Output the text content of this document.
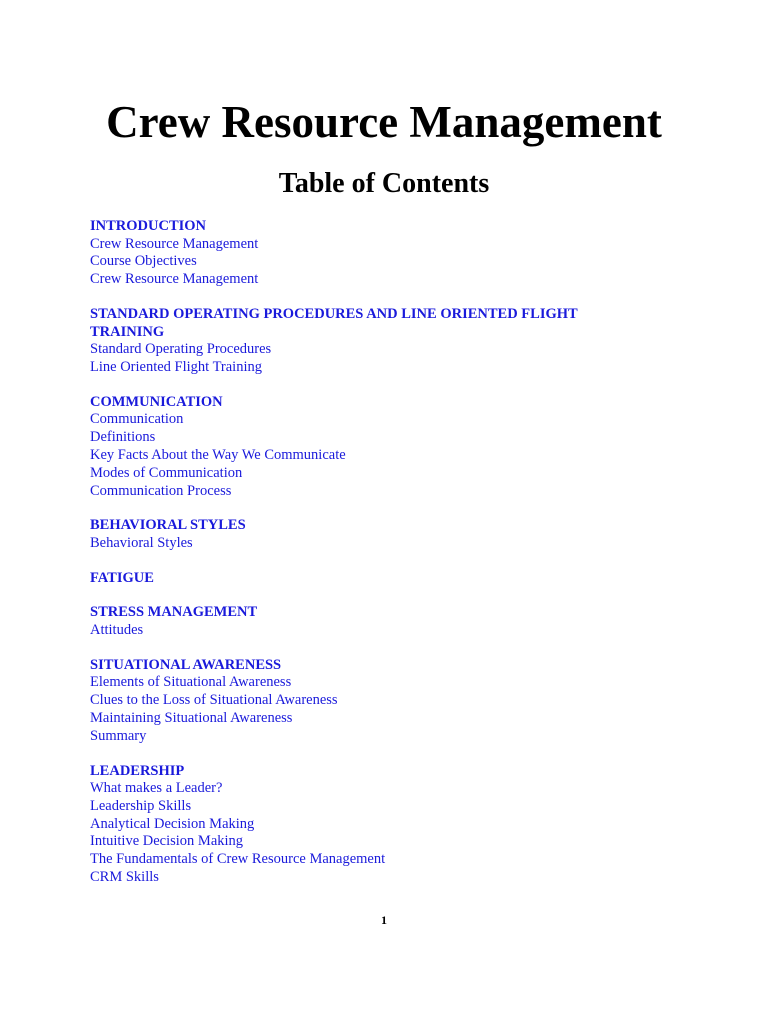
Crew Resource Management
Table of Contents
INTRODUCTION
Crew Resource Management
Course Objectives
Crew Resource Management
STANDARD OPERATING PROCEDURES AND LINE ORIENTED FLIGHT TRAINING
Standard Operating Procedures
Line Oriented Flight Training
COMMUNICATION
Communication
Definitions
Key Facts About the Way We Communicate
Modes of Communication
Communication Process
BEHAVIORAL STYLES
Behavioral Styles
FATIGUE
STRESS MANAGEMENT
Attitudes
SITUATIONAL AWARENESS
Elements of Situational Awareness
Clues to the Loss of Situational Awareness
Maintaining Situational Awareness
Summary
LEADERSHIP
What makes a Leader?
Leadership Skills
Analytical Decision Making
Intuitive Decision Making
The Fundamentals of Crew Resource Management
CRM Skills
1
